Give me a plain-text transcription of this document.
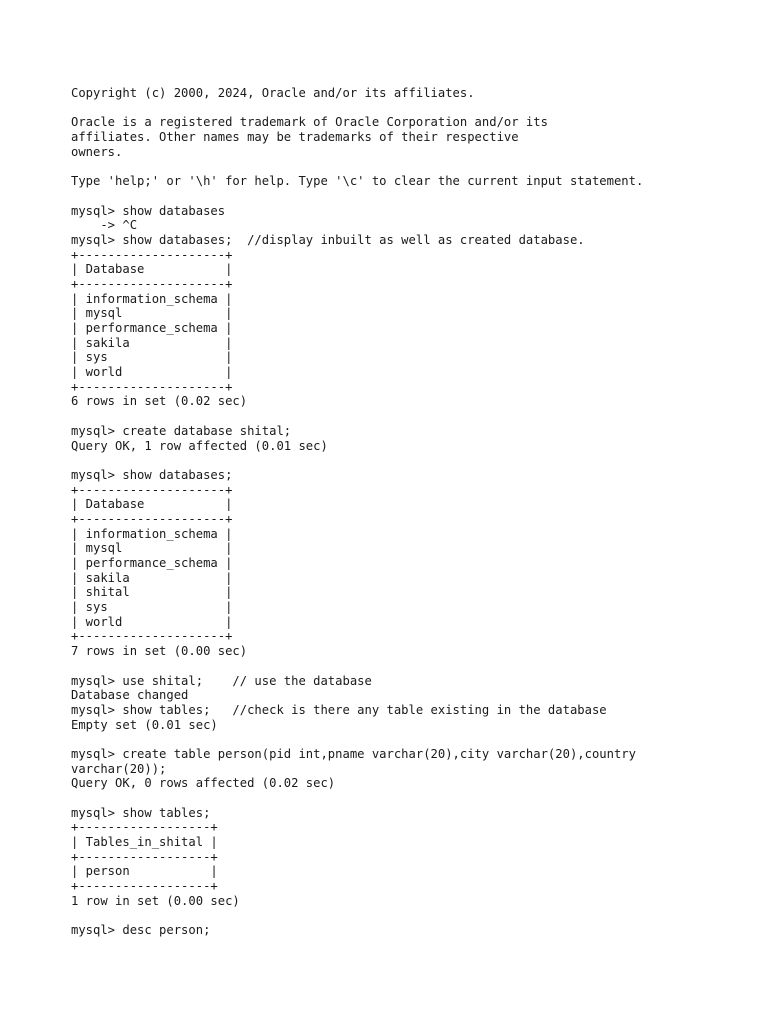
Copyright (c) 2000, 2024, Oracle and/or its affiliates.
Oracle is a registered trademark of Oracle Corporation and/or its
affiliates. Other names may be trademarks of their respective
owners.
Type 'help;' or '\h' for help. Type '\c' to clear the current input statement.
mysql> show databases
-> ^C
mysql> show databases;  //display inbuilt as well as created database.
+--------------------+
| Database           |
+--------------------+
| information_schema |
| mysql              |
| performance_schema |
| sakila             |
| sys                |
| world              |
+--------------------+
6 rows in set (0.02 sec)
mysql> create database shital;
Query OK, 1 row affected (0.01 sec)
mysql> show databases;
+--------------------+
| Database           |
+--------------------+
| information_schema |
| mysql              |
| performance_schema |
| sakila             |
| shital             |
| sys                |
| world              |
+--------------------+
7 rows in set (0.00 sec)
mysql> use shital;    // use the database
Database changed
mysql> show tables;   //check is there any table existing in the database
Empty set (0.01 sec)
mysql> create table person(pid int,pname varchar(20),city varchar(20),country
varchar(20));
Query OK, 0 rows affected (0.02 sec)
mysql> show tables;
+------------------+
| Tables_in_shital |
+------------------+
| person           |
+------------------+
1 row in set (0.00 sec)
mysql> desc person;
